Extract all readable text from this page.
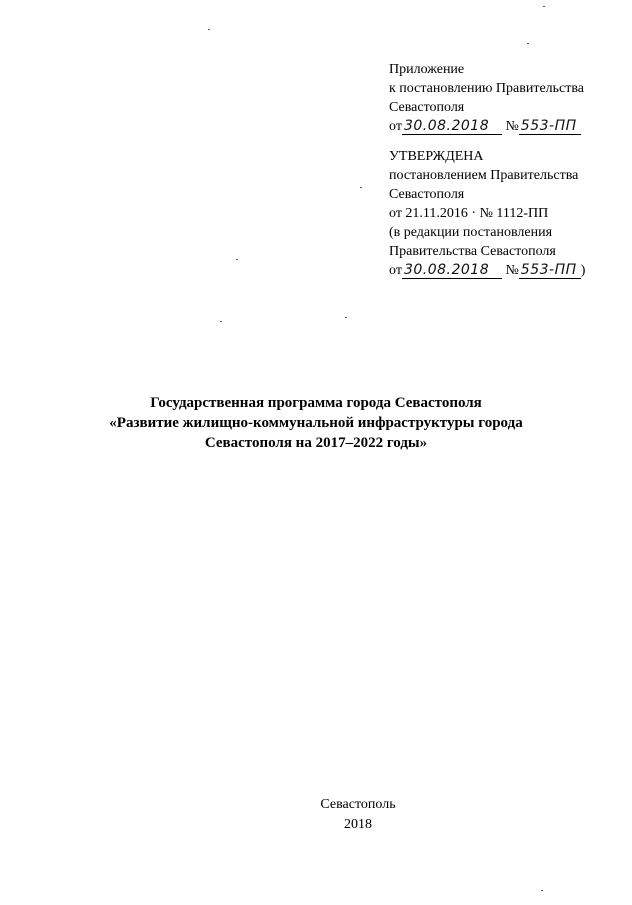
Приложение
к постановлению Правительства
Севастополя
от 30.08.2018 № 553-ПП
УТВЕРЖДЕНА
постановлением Правительства
Севастополя
от 21.11.2016 · № 1112-ПП
(в редакции постановления
Правительства Севастополя
от 30.08.2018 № 553-ПП )
Государственная программа города Севастополя
«Развитие жилищно-коммунальной инфраструктуры города
Севастополя на 2017–2022 годы»
Севастополь
2018
